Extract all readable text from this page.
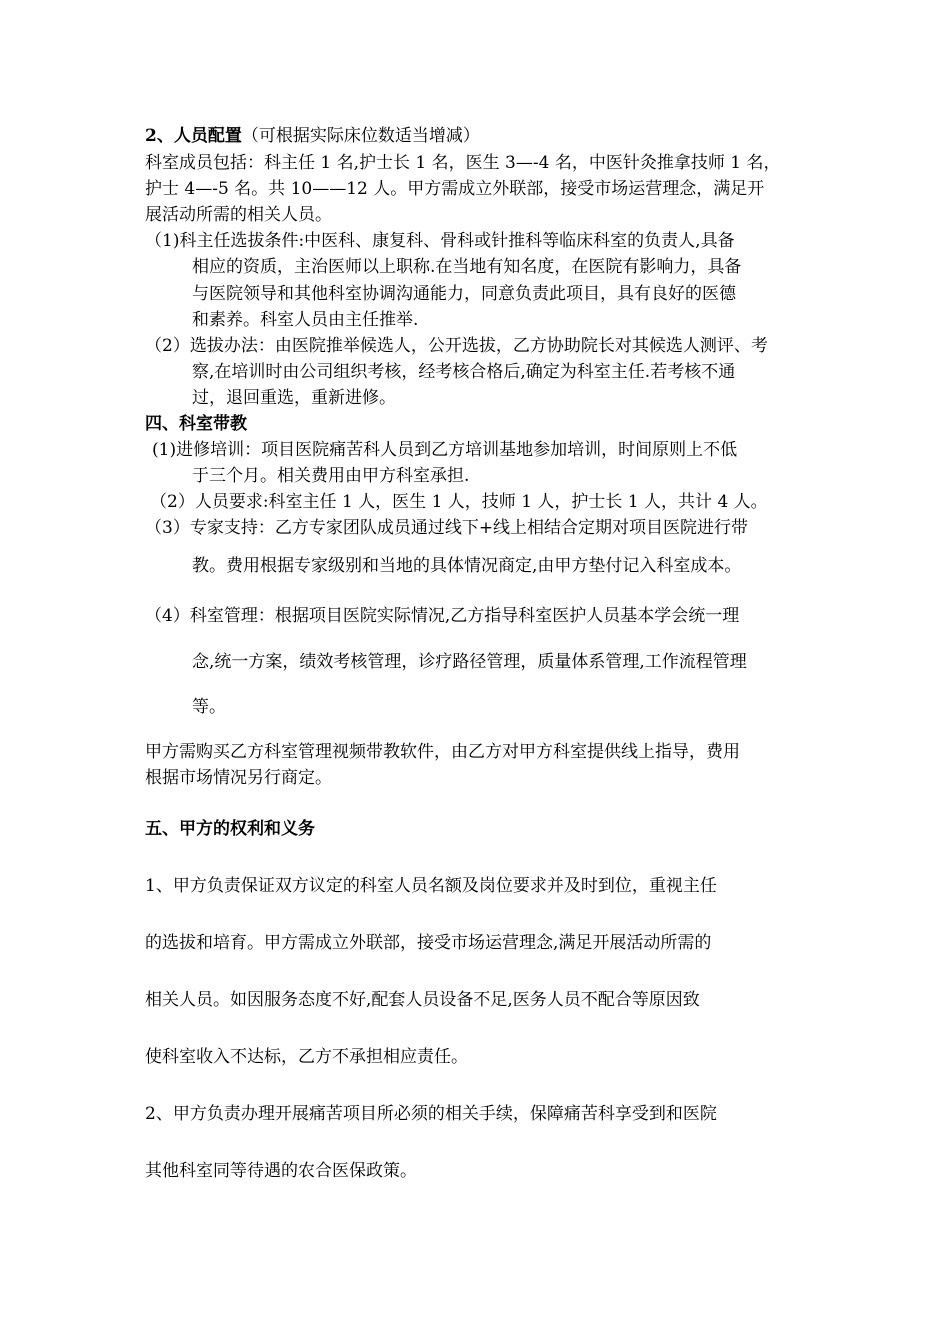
2、人员配置（可根据实际床位数适当增减）
科室成员包括：科主任 1 名,护士长 1 名，医生 3—-4 名，中医针灸推拿技师 1 名，
护士 4—-5 名。共 10——12 人。甲方需成立外联部，接受市场运营理念，满足开
展活动所需的相关人员。
（1)科主任选拔条件:中医科、康复科、骨科或针推科等临床科室的负责人,具备
相应的资质，主治医师以上职称.在当地有知名度，在医院有影响力，具备
与医院领导和其他科室协调沟通能力，同意负责此项目，具有良好的医德
和素养。科室人员由主任推举.
（2）选拔办法：由医院推举候选人，公开选拔，乙方协助院长对其候选人测评、考
察,在培训时由公司组织考核，经考核合格后,确定为科室主任.若考核不通
过，退回重选，重新进修。
四、科室带教
(1)进修培训：项目医院痛苦科人员到乙方培训基地参加培训，时间原则上不低
于三个月。相关费用由甲方科室承担.
（2）人员要求:科室主任 1 人，医生 1 人，技师 1 人，护士长 1 人，共计 4 人。
（3）专家支持：乙方专家团队成员通过线下+线上相结合定期对项目医院进行带
教。费用根据专家级别和当地的具体情况商定,由甲方垫付记入科室成本。
（4）科室管理：根据项目医院实际情况,乙方指导科室医护人员基本学会统一理
念,统一方案，绩效考核管理，诊疗路径管理，质量体系管理,工作流程管理
等。
甲方需购买乙方科室管理视频带教软件，由乙方对甲方科室提供线上指导，费用
根据市场情况另行商定。
五、甲方的权利和义务
1、甲方负责保证双方议定的科室人员名额及岗位要求并及时到位，重视主任
的选拔和培育。甲方需成立外联部，接受市场运营理念,满足开展活动所需的
相关人员。如因服务态度不好,配套人员设备不足,医务人员不配合等原因致
使科室收入不达标，乙方不承担相应责任。
2、甲方负责办理开展痛苦项目所必须的相关手续，保障痛苦科享受到和医院
其他科室同等待遇的农合医保政策。
